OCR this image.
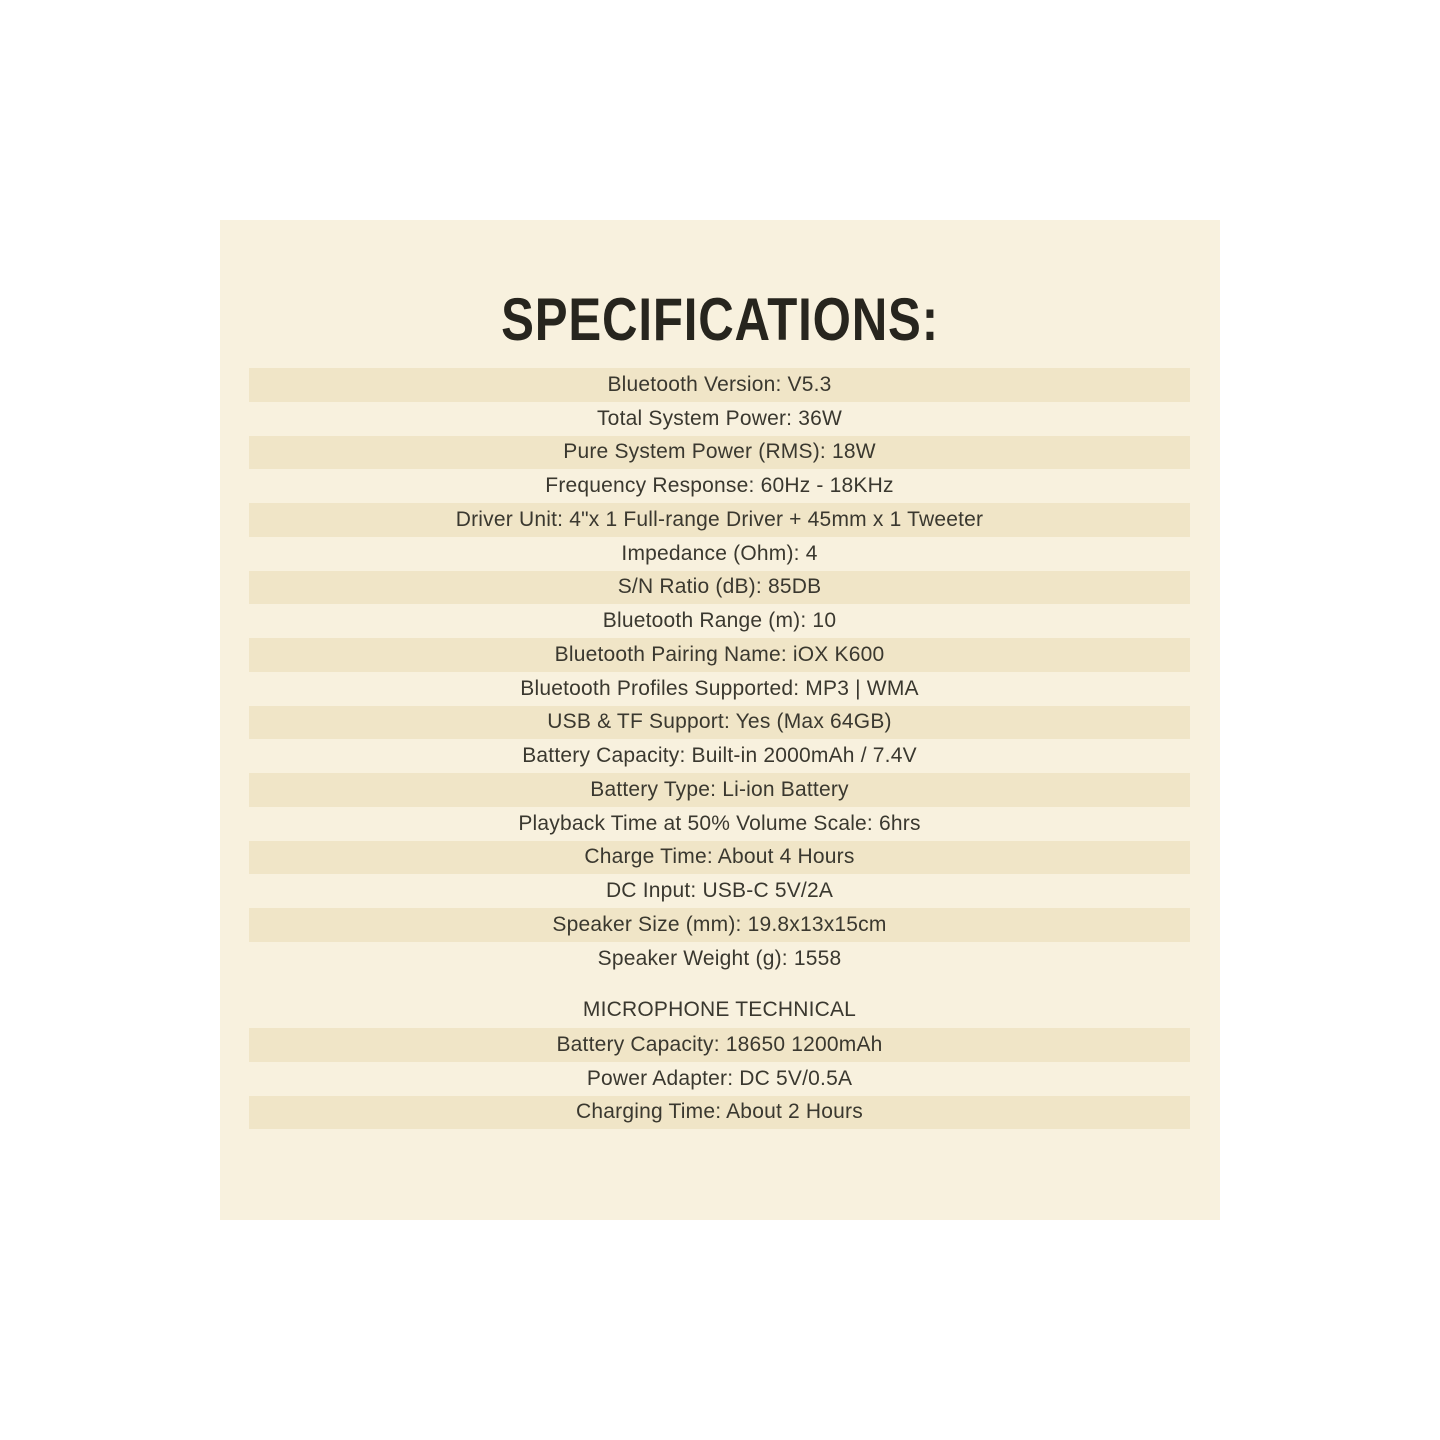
SPECIFICATIONS:
Bluetooth Version: V5.3
Total System Power: 36W
Pure System Power (RMS): 18W
Frequency Response: 60Hz - 18KHz
Driver Unit: 4"x 1 Full-range Driver + 45mm x 1 Tweeter
Impedance (Ohm): 4
S/N Ratio (dB): 85DB
Bluetooth Range (m): 10
Bluetooth Pairing Name: iOX K600
Bluetooth Profiles Supported: MP3 | WMA
USB & TF Support: Yes (Max 64GB)
Battery Capacity: Built-in 2000mAh / 7.4V
Battery Type: Li-ion Battery
Playback Time at 50% Volume Scale: 6hrs
Charge Time: About 4 Hours
DC Input: USB-C 5V/2A
Speaker Size (mm): 19.8x13x15cm
Speaker Weight (g): 1558
MICROPHONE TECHNICAL
Battery Capacity: 18650 1200mAh
Power Adapter: DC 5V/0.5A
Charging Time: About 2 Hours
